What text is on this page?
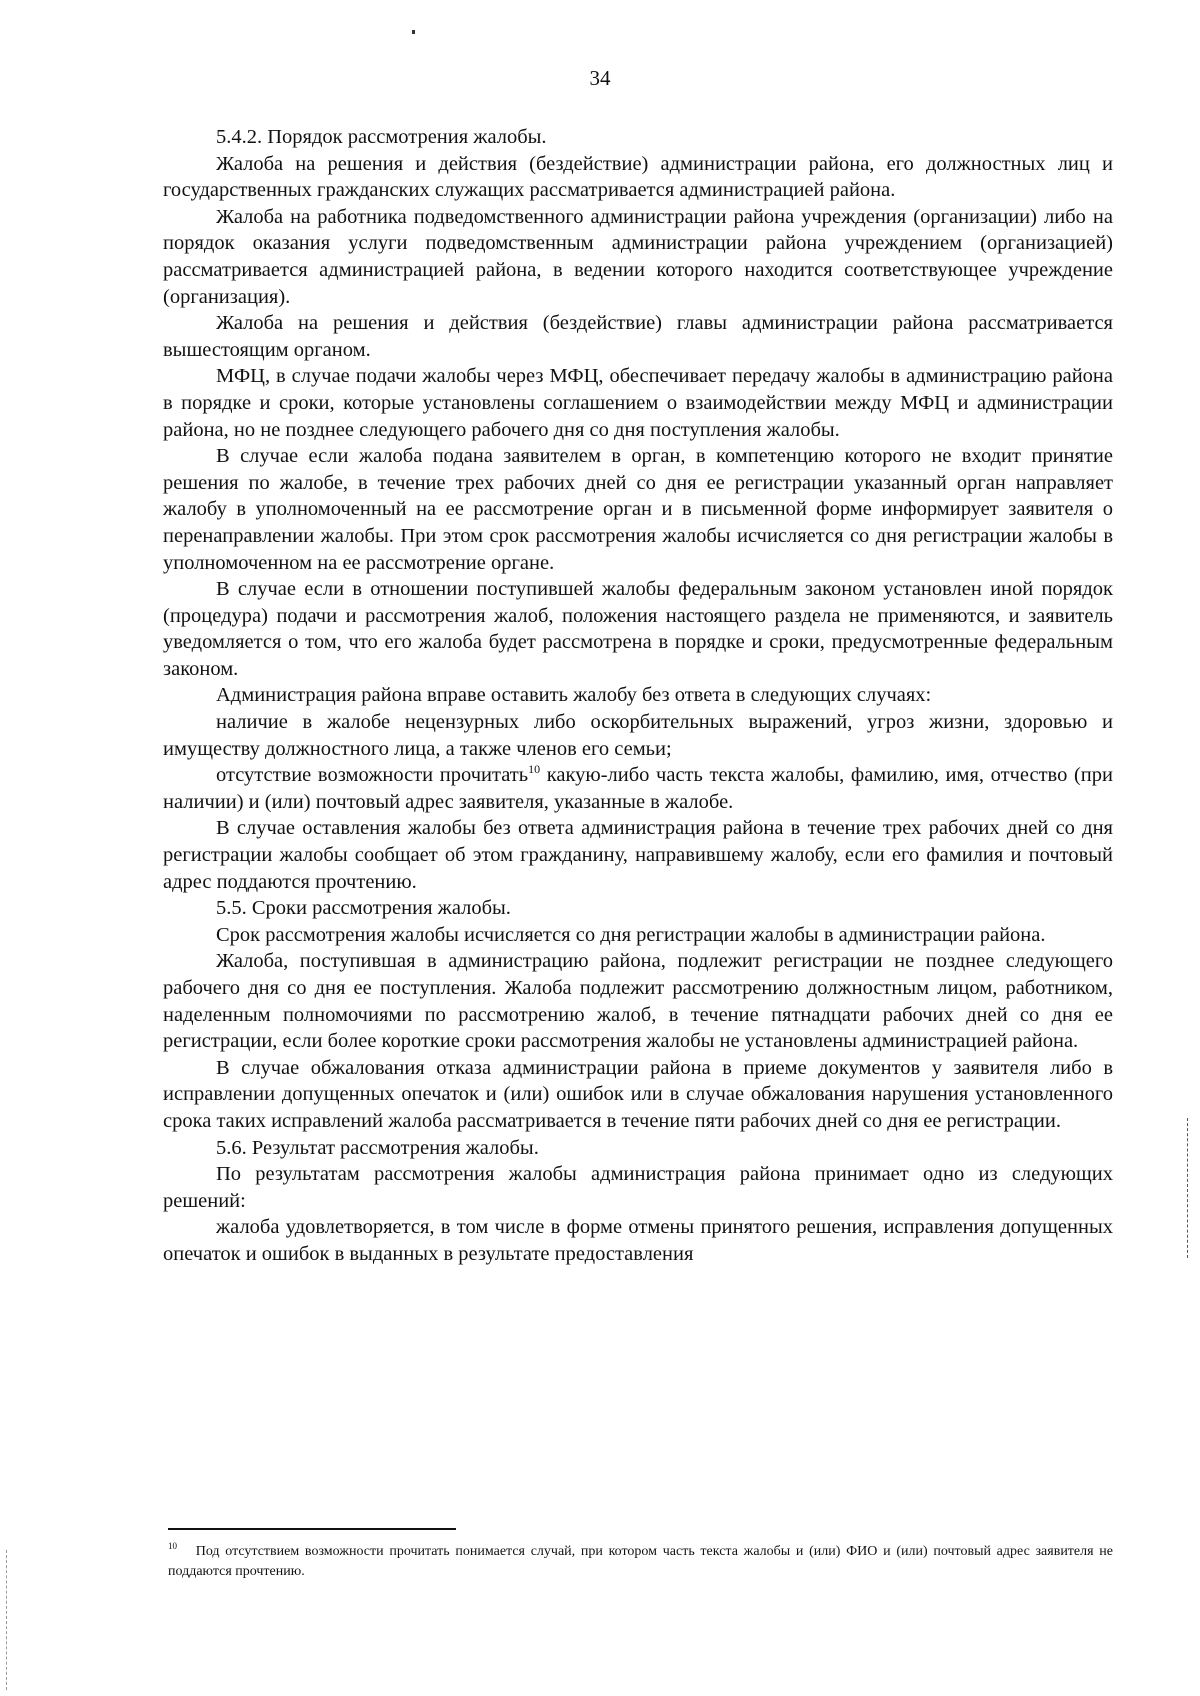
34

5.4.2. Порядок рассмотрения жалобы.

Жалоба на решения и действия (бездействие) администрации района, его должностных лиц и государственных гражданских служащих рассматривается администрацией района.

Жалоба на работника подведомственного администрации района учреждения (организации) либо на порядок оказания услуги подведомственным администрации района учреждением (организацией) рассматривается администрацией района, в ведении которого находится соответствующее учреждение (организация).

Жалоба на решения и действия (бездействие) главы администрации района рассматривается вышестоящим органом.

МФЦ, в случае подачи жалобы через МФЦ, обеспечивает передачу жалобы в администрацию района в порядке и сроки, которые установлены соглашением о взаимодействии между МФЦ и администрации района, но не позднее следующего рабочего дня со дня поступления жалобы.

В случае если жалоба подана заявителем в орган, в компетенцию которого не входит принятие решения по жалобе, в течение трех рабочих дней со дня ее регистрации указанный орган направляет жалобу в уполномоченный на ее рассмотрение орган и в письменной форме информирует заявителя о перенаправлении жалобы. При этом срок рассмотрения жалобы исчисляется со дня регистрации жалобы в уполномоченном на ее рассмотрение органе.

В случае если в отношении поступившей жалобы федеральным законом установлен иной порядок (процедура) подачи и рассмотрения жалоб, положения настоящего раздела не применяются, и заявитель уведомляется о том, что его жалоба будет рассмотрена в порядке и сроки, предусмотренные федеральным законом.

Администрация района вправе оставить жалобу без ответа в следующих случаях:

наличие в жалобе нецензурных либо оскорбительных выражений, угроз жизни, здоровью и имуществу должностного лица, а также членов его семьи;

отсутствие возможности прочитать$^{10}$ какую-либо часть текста жалобы, фамилию, имя, отчество (при наличии) и (или) почтовый адрес заявителя, указанные в жалобе.

В случае оставления жалобы без ответа администрация района в течение трех рабочих дней со дня регистрации жалобы сообщает об этом гражданину, направившему жалобу, если его фамилия и почтовый адрес поддаются прочтению.

5.5. Сроки рассмотрения жалобы.

Срок рассмотрения жалобы исчисляется со дня регистрации жалобы в администрации района.

Жалоба, поступившая в администрацию района, подлежит регистрации не позднее следующего рабочего дня со дня ее поступления. Жалоба подлежит рассмотрению должностным лицом, работником, наделенным полномочиями по рассмотрению жалоб, в течение пятнадцати рабочих дней со дня ее регистрации, если более короткие сроки рассмотрения жалобы не установлены администрацией района.

В случае обжалования отказа администрации района в приеме документов у заявителя либо в исправлении допущенных опечаток и (или) ошибок или в случае обжалования нарушения установленного срока таких исправлений жалоба рассматривается в течение пяти рабочих дней со дня ее регистрации.

5.6. Результат рассмотрения жалобы.

По результатам рассмотрения жалобы администрация района принимает одно из следующих решений:

жалоба удовлетворяется, в том числе в форме отмены принятого решения, исправления допущенных опечаток и ошибок в выданных в результате предоставления

$^{10}$ Под отсутствием возможности прочитать понимается случай, при котором часть текста жалобы и (или) ФИО и (или) почтовый адрес заявителя не поддаются прочтению.
